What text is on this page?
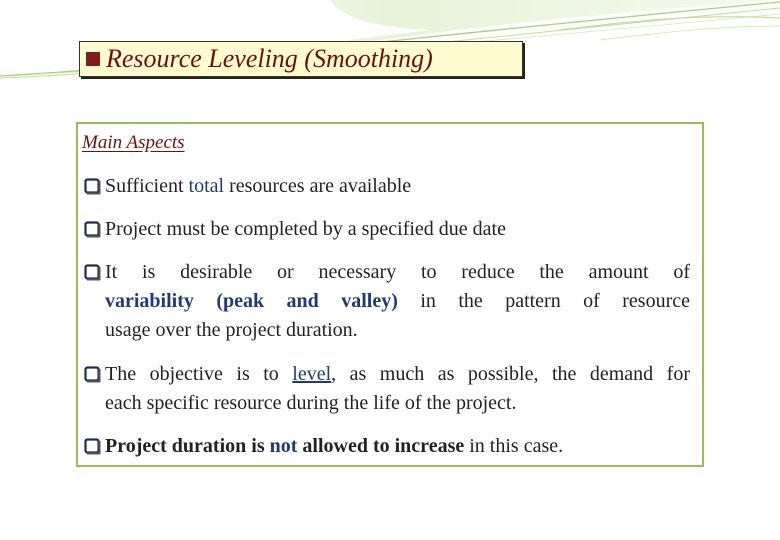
Resource Leveling (Smoothing)
Main Aspects
Sufficient total resources are available
Project must be completed by a specified due date
It is desirable or necessary to reduce the amount of
variability (peak and valley) in the pattern of resource
usage over the project duration.
The objective is to level, as much as possible, the demand for
each specific resource during the life of the project.
Project duration is not allowed to increase in this case.
